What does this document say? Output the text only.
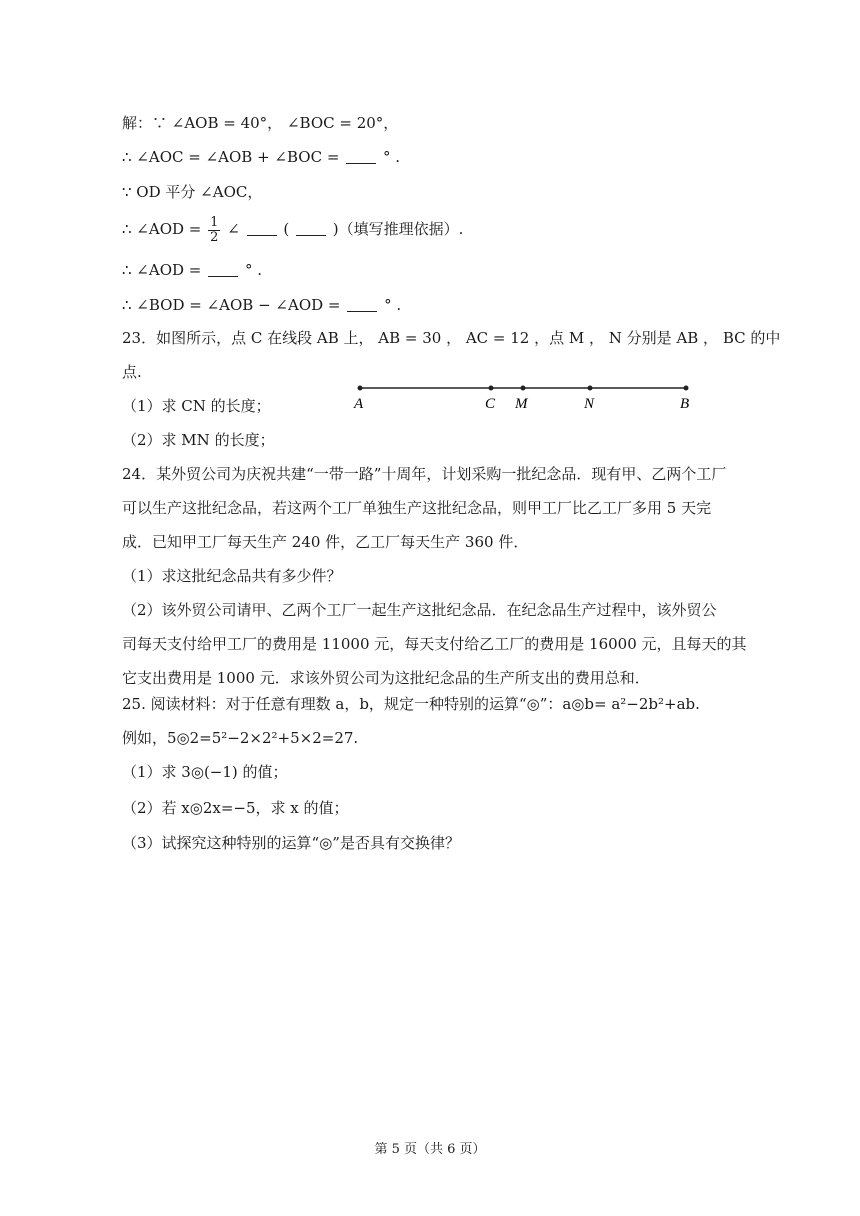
解：∵ ∠AOB = 40°， ∠BOC = 20°，
∴ ∠AOC = ∠AOB + ∠BOC =	° .
∵ OD 平分 ∠AOC，
∴ ∠AOD = $\frac{1}{2}$ ∠	(	)（填写推理依据）.
∴ ∠AOD =	° .
∴ ∠BOD = ∠AOB − ∠AOD =	° .
23．如图所示，点 C 在线段 AB 上， AB = 30 ， AC = 12 ，点 M ， N 分别是 AB ， BC 的中
点.
（1）求 CN 的长度；
（2）求 MN 的长度；
A	C M	N	B
24．某外贸公司为庆祝共建“一带一路”十周年，计划采购一批纪念品．现有甲、乙两个工厂
可以生产这批纪念品，若这两个工厂单独生产这批纪念品，则甲工厂比乙工厂多用 5 天完
成．已知甲工厂每天生产 240 件，乙工厂每天生产 360 件．
（1）求这批纪念品共有多少件？
（2）该外贸公司请甲、乙两个工厂一起生产这批纪念品．在纪念品生产过程中，该外贸公
司每天支付给甲工厂的费用是 11000 元，每天支付给乙工厂的费用是 16000 元，且每天的其
它支出费用是 1000 元．求该外贸公司为这批纪念品的生产所支出的费用总和．
25. 阅读材料：对于任意有理数 a，b，规定一种特别的运算“◎”：a◎b= a²−2b²+ab.
例如，5◎2=5²−2×2²+5×2=27.
（1）求 3◎(−1) 的值；
（2）若 x◎2x=−5，求 x 的值；
（3）试探究这种特别的运算“◎”是否具有交换律？
第 5 页（共 6 页）
